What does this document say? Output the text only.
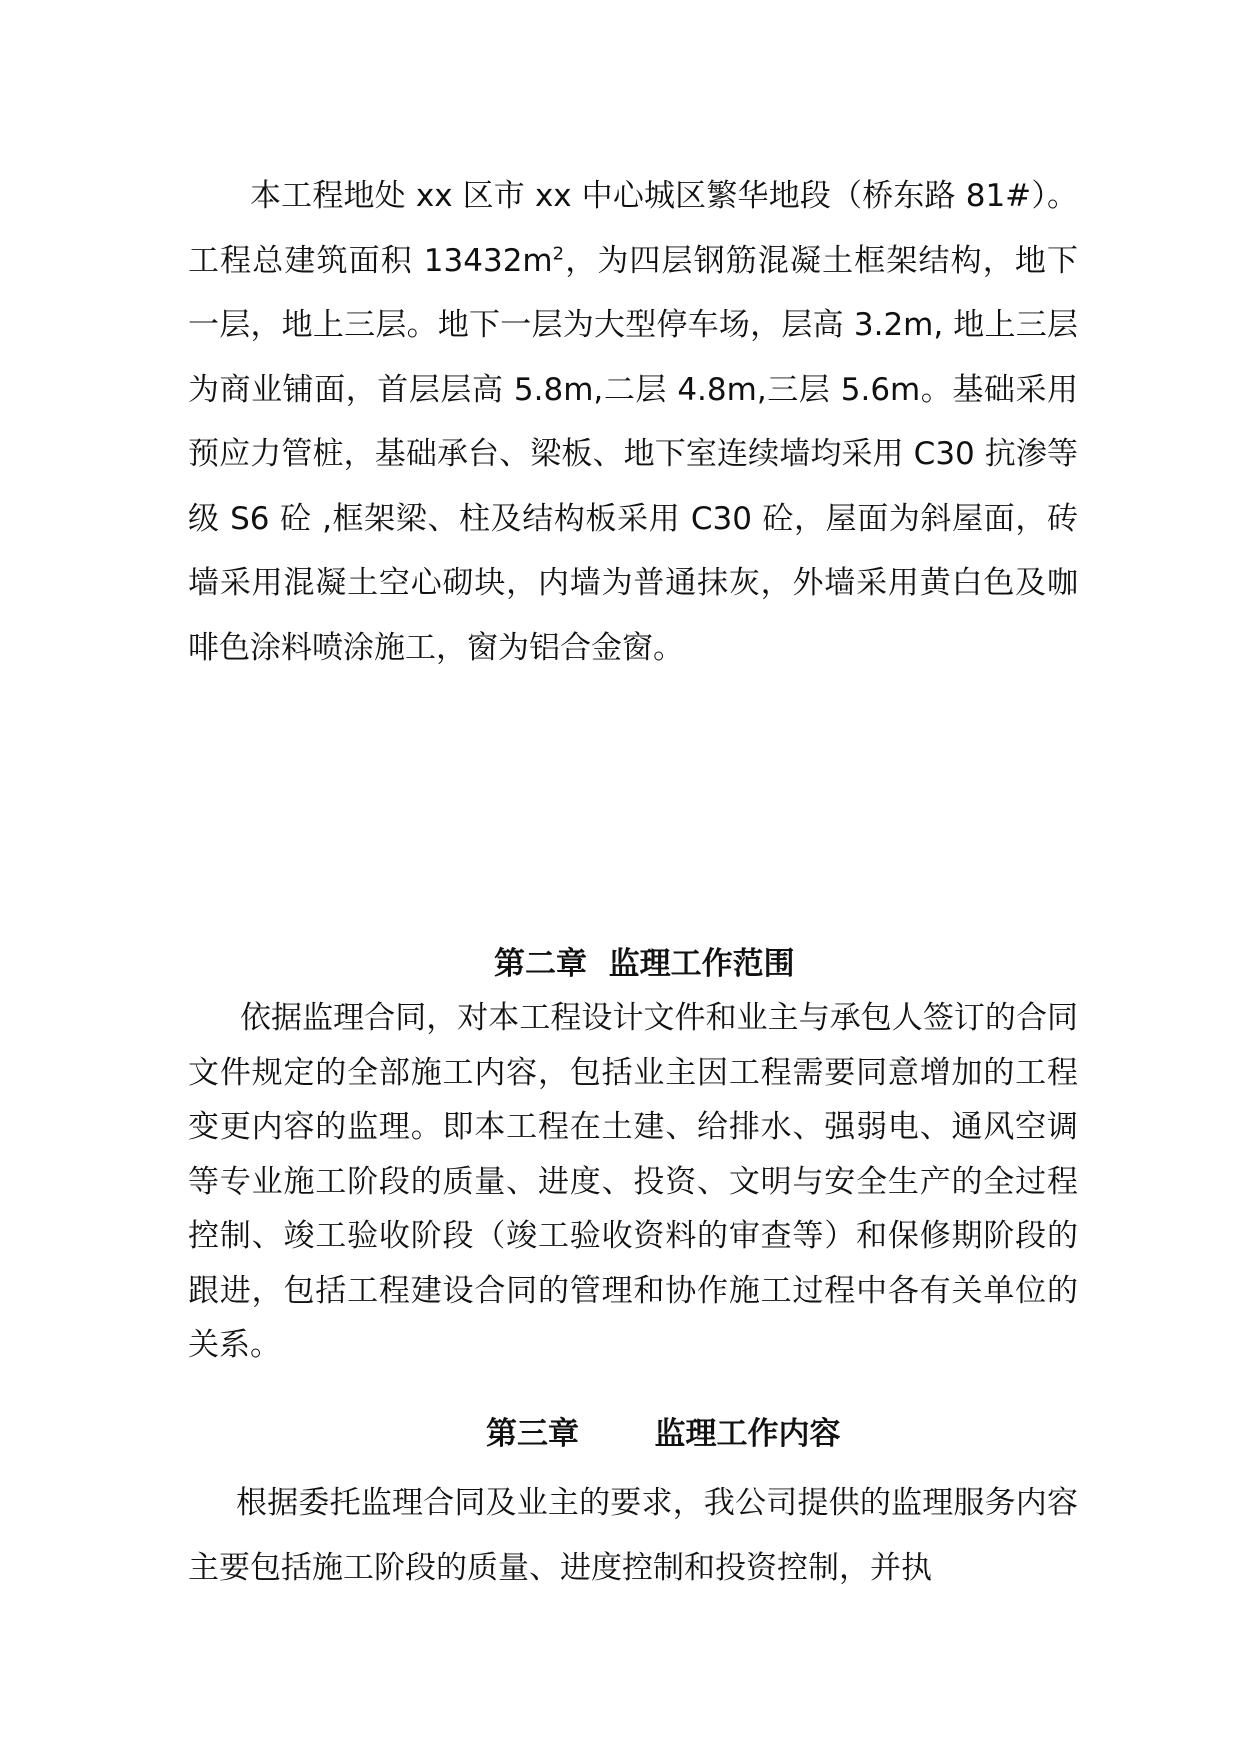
本工程地处 xx 区市 xx 中心城区繁华地段（桥东路 81#）。工程总建筑面积 $13432m^2$，为四层钢筋混凝土框架结构，地下一层，地上三层。地下一层为大型停车场，层高 3.2m, 地上三层为商业铺面，首层层高 5.8m,二层 4.8m,三层 5.6m。基础采用预应力管桩，基础承台、梁板、地下室连续墙均采用 C30 抗渗等级 S6 砼 ,框架梁、柱及结构板采用 C30 砼，屋面为斜屋面，砖墙采用混凝土空心砌块，内墙为普通抹灰，外墙采用黄白色及咖啡色涂料喷涂施工，窗为铝合金窗。

第二章  监理工作范围

依据监理合同，对本工程设计文件和业主与承包人签订的合同文件规定的全部施工内容，包括业主因工程需要同意增加的工程变更内容的监理。即本工程在土建、给排水、强弱电、通风空调等专业施工阶段的质量、进度、投资、文明与安全生产的全过程控制、竣工验收阶段（竣工验收资料的审查等）和保修期阶段的跟进，包括工程建设合同的管理和协作施工过程中各有关单位的关系。

第三章       监理工作内容

根据委托监理合同及业主的要求，我公司提供的监理服务内容主要包括施工阶段的质量、进度控制和投资控制，并执
